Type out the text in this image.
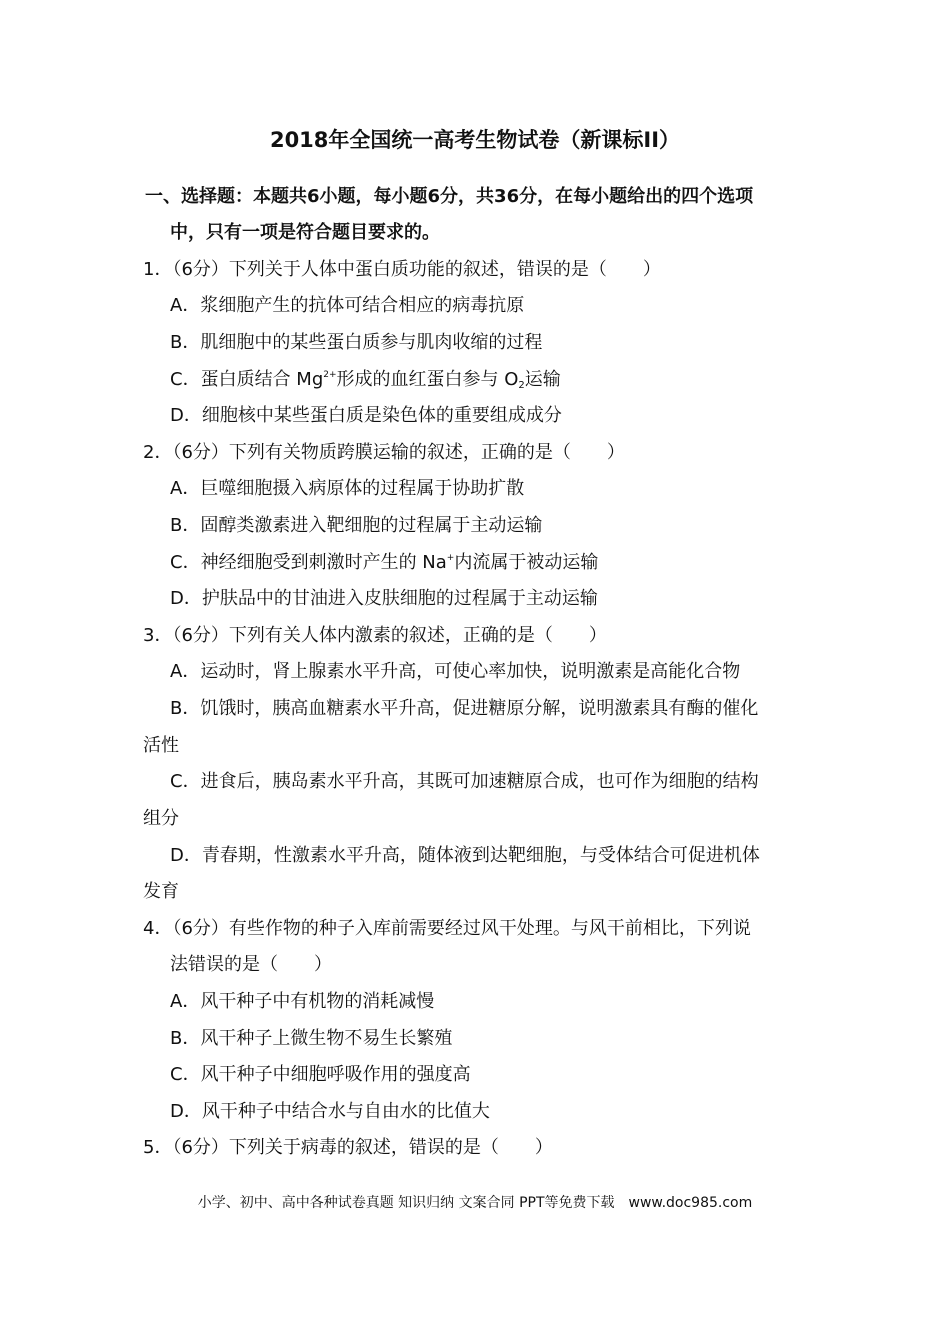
2018年全国统一高考生物试卷（新课标II）
一、选择题：本题共6小题，每小题6分，共36分，在每小题给出的四个选项
中，只有一项是符合题目要求的。
1．（6分）下列关于人体中蛋白质功能的叙述，错误的是（　　）
A．浆细胞产生的抗体可结合相应的病毒抗原
B．肌细胞中的某些蛋白质参与肌肉收缩的过程
C．蛋白质结合 $Mg^{2+}$形成的血红蛋白参与 $O_2$运输
D．细胞核中某些蛋白质是染色体的重要组成成分
2．（6分）下列有关物质跨膜运输的叙述，正确的是（　　）
A．巨噬细胞摄入病原体的过程属于协助扩散
B．固醇类激素进入靶细胞的过程属于主动运输
C．神经细胞受到刺激时产生的 Na+内流属于被动运输
D．护肤品中的甘油进入皮肤细胞的过程属于主动运输
3．（6分）下列有关人体内激素的叙述，正确的是（　　）
A．运动时，肾上腺素水平升高，可使心率加快，说明激素是高能化合物
B．饥饿时，胰高血糖素水平升高，促进糖原分解，说明激素具有酶的催化
活性
C．进食后，胰岛素水平升高，其既可加速糖原合成，也可作为细胞的结构
组分
D．青春期，性激素水平升高，随体液到达靶细胞，与受体结合可促进机体
发育
4．（6分）有些作物的种子入库前需要经过风干处理。与风干前相比，下列说
法错误的是（　　）
A．风干种子中有机物的消耗减慢
B．风干种子上微生物不易生长繁殖
C．风干种子中细胞呼吸作用的强度高
D．风干种子中结合水与自由水的比值大
5．（6分）下列关于病毒的叙述，错误的是（　　）
小学、初中、高中各种试卷真题 知识归纳 文案合同 PPT等免费下载　www.doc985.com
